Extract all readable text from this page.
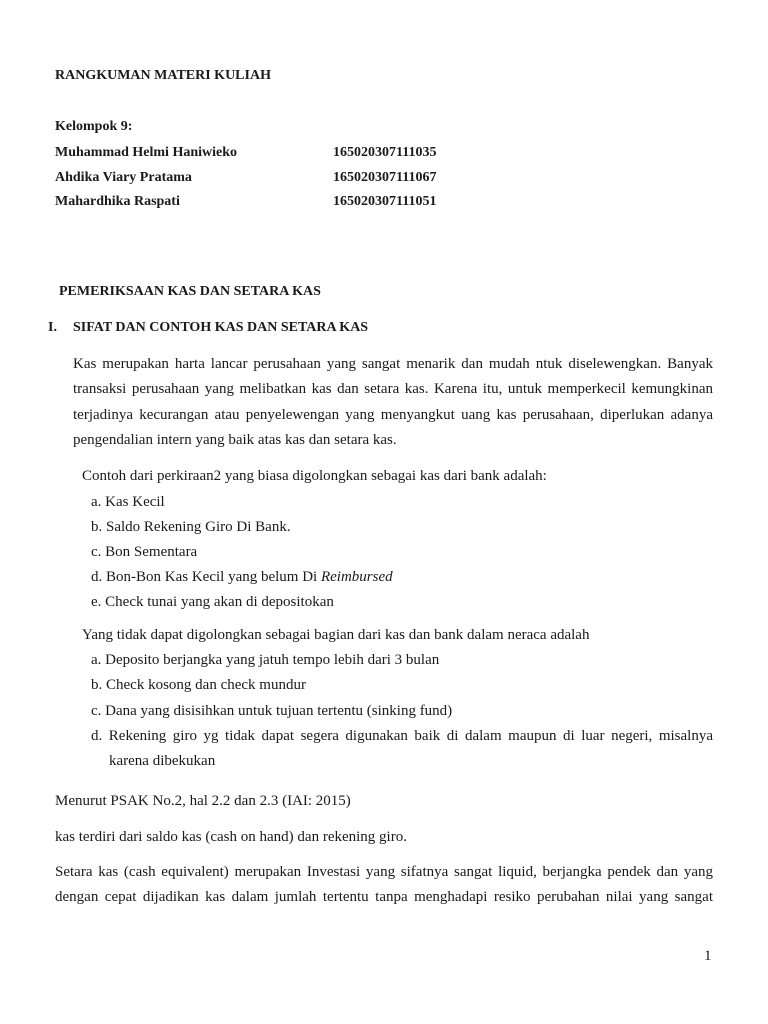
RANGKUMAN MATERI KULIAH
Kelompok 9:
Muhammad Helmi Haniwieko	165020307111035
Ahdika Viary Pratama	165020307111067
Mahardhika Raspati	165020307111051
PEMERIKSAAN KAS DAN SETARA KAS
I. SIFAT DAN CONTOH KAS DAN SETARA KAS
Kas merupakan harta lancar perusahaan yang sangat menarik dan mudah ntuk diselewengkan. Banyak
transaksi perusahaan yang melibatkan kas dan setara kas. Karena itu, untuk memperkecil kemungkinan
terjadinya kecurangan atau penyelewengan yang menyangkut uang kas perusahaan, diperlukan adanya
pengendalian intern yang baik atas kas dan setara kas.
Contoh dari perkiraan2 yang biasa digolongkan sebagai kas dari bank adalah:
a. Kas Kecil
b. Saldo Rekening Giro Di Bank.
c. Bon Sementara
d. Bon-Bon Kas Kecil yang belum Di Reimbursed
e. Check tunai yang akan di depositokan
Yang tidak dapat digolongkan sebagai bagian dari kas dan bank dalam neraca adalah
a. Deposito berjangka yang jatuh tempo lebih dari 3 bulan
b. Check kosong dan check mundur
c. Dana yang disisihkan untuk tujuan tertentu (sinking fund)
d. Rekening giro yg tidak dapat segera digunakan baik di dalam maupun di luar negeri, misalnya
karena dibekukan
Menurut PSAK No.2, hal 2.2 dan 2.3 (IAI: 2015)
kas terdiri dari saldo kas (cash on hand) dan rekening giro.
Setara kas (cash equivalent) merupakan Investasi yang sifatnya sangat liquid, berjangka pendek dan yang
dengan cepat dijadikan kas dalam jumlah tertentu tanpa menghadapi resiko perubahan nilai yang sangat
1
